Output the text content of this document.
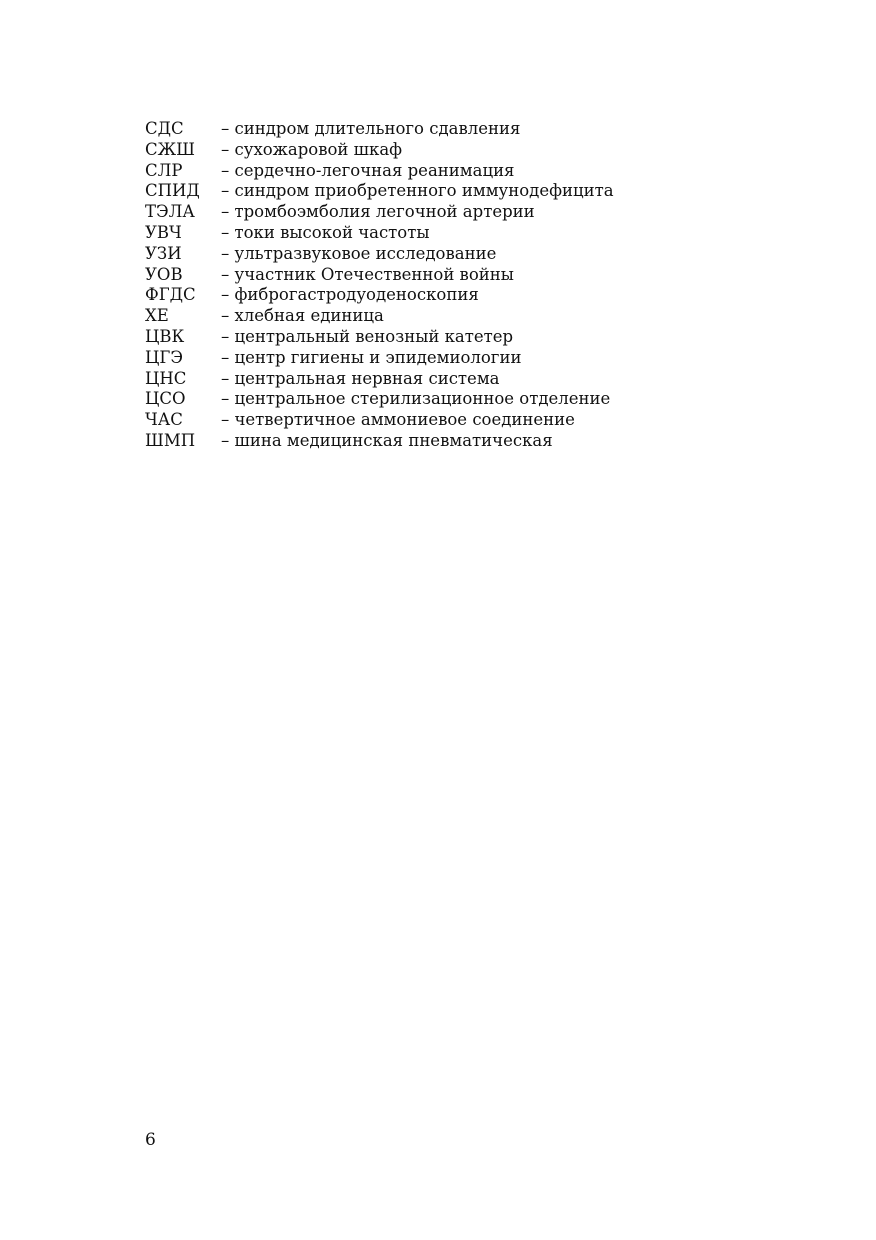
СДС	– синдром длительного сдавления
СЖШ	– сухожаровой шкаф
СЛР	– сердечно-легочная реанимация
СПИД	– синдром приобретенного иммунодефицита
ТЭЛА	– тромбоэмболия легочной артерии
УВЧ	– токи высокой частоты
УЗИ	– ультразвуковое исследование
УОВ	– участник Отечественной войны
ФГДС	– фиброгастродуоденоскопия
ХЕ	– хлебная единица
ЦВК	– центральный венозный катетер
ЦГЭ	– центр гигиены и эпидемиологии
ЦНС	– центральная нервная система
ЦСО	– центральное стерилизационное отделение
ЧАС	– четвертичное аммониевое соединение
ШМП	– шина медицинская пневматическая
6
